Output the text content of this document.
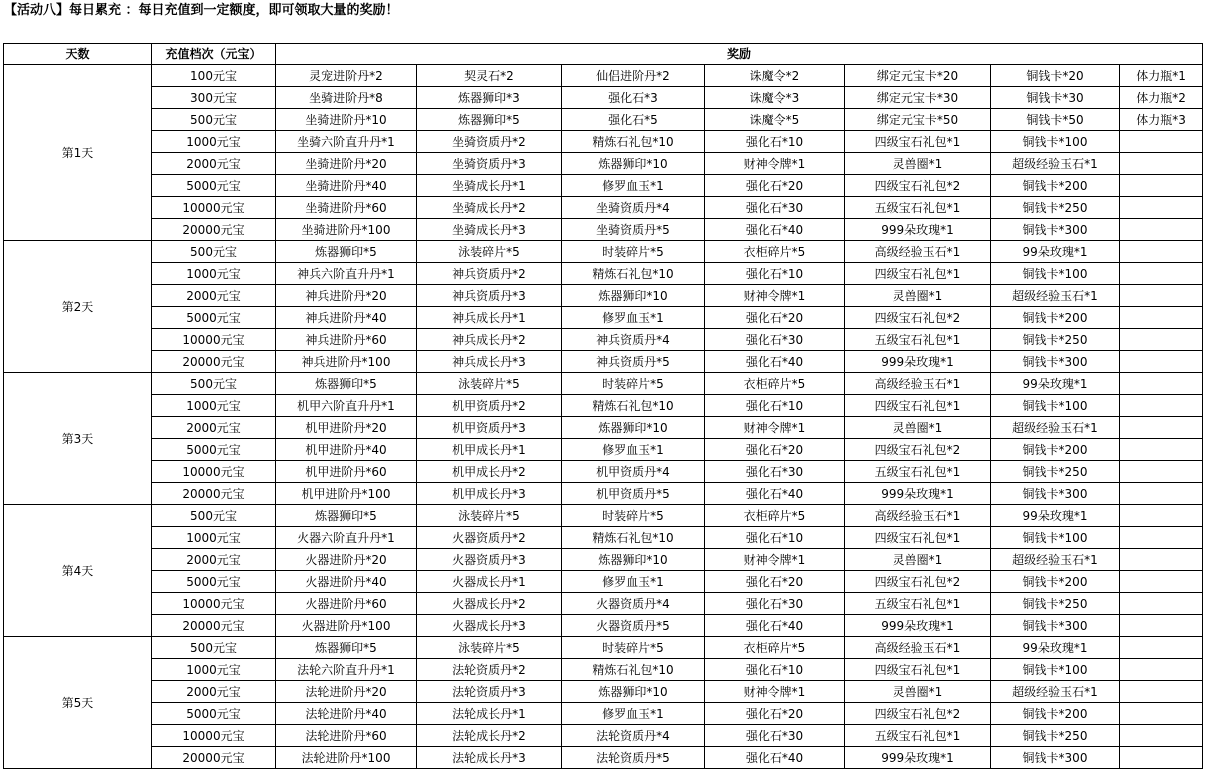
【活动八】每日累充 ：每日充值到一定额度，即可领取大量的奖励！
天数	充值档次（元宝）	奖励						
第1天	100元宝	灵宠进阶丹*2	契灵石*2	仙侣进阶丹*2	诛魔令*2	绑定元宝卡*20	铜钱卡*20	体力瓶*1
	300元宝	坐骑进阶丹*8	炼器狮印*3	强化石*3	诛魔令*3	绑定元宝卡*30	铜钱卡*30	体力瓶*2
	500元宝	坐骑进阶丹*10	炼器狮印*5	强化石*5	诛魔令*5	绑定元宝卡*50	铜钱卡*50	体力瓶*3
	1000元宝	坐骑六阶直升丹*1	坐骑资质丹*2	精炼石礼包*10	强化石*10	四级宝石礼包*1	铜钱卡*100	
	2000元宝	坐骑进阶丹*20	坐骑资质丹*3	炼器狮印*10	财神令牌*1	灵兽圈*1	超级经验玉石*1	
	5000元宝	坐骑进阶丹*40	坐骑成长丹*1	修罗血玉*1	强化石*20	四级宝石礼包*2	铜钱卡*200	
	10000元宝	坐骑进阶丹*60	坐骑成长丹*2	坐骑资质丹*4	强化石*30	五级宝石礼包*1	铜钱卡*250	
	20000元宝	坐骑进阶丹*100	坐骑成长丹*3	坐骑资质丹*5	强化石*40	999朵玫瑰*1	铜钱卡*300	
第2天	500元宝	炼器狮印*5	泳装碎片*5	时装碎片*5	衣柜碎片*5	高级经验玉石*1	99朵玫瑰*1	
	1000元宝	神兵六阶直升丹*1	神兵资质丹*2	精炼石礼包*10	强化石*10	四级宝石礼包*1	铜钱卡*100	
	2000元宝	神兵进阶丹*20	神兵资质丹*3	炼器狮印*10	财神令牌*1	灵兽圈*1	超级经验玉石*1	
	5000元宝	神兵进阶丹*40	神兵成长丹*1	修罗血玉*1	强化石*20	四级宝石礼包*2	铜钱卡*200	
	10000元宝	神兵进阶丹*60	神兵成长丹*2	神兵资质丹*4	强化石*30	五级宝石礼包*1	铜钱卡*250	
	20000元宝	神兵进阶丹*100	神兵成长丹*3	神兵资质丹*5	强化石*40	999朵玫瑰*1	铜钱卡*300	
第3天	500元宝	炼器狮印*5	泳装碎片*5	时装碎片*5	衣柜碎片*5	高级经验玉石*1	99朵玫瑰*1	
	1000元宝	机甲六阶直升丹*1	机甲资质丹*2	精炼石礼包*10	强化石*10	四级宝石礼包*1	铜钱卡*100	
	2000元宝	机甲进阶丹*20	机甲资质丹*3	炼器狮印*10	财神令牌*1	灵兽圈*1	超级经验玉石*1	
	5000元宝	机甲进阶丹*40	机甲成长丹*1	修罗血玉*1	强化石*20	四级宝石礼包*2	铜钱卡*200	
	10000元宝	机甲进阶丹*60	机甲成长丹*2	机甲资质丹*4	强化石*30	五级宝石礼包*1	铜钱卡*250	
	20000元宝	机甲进阶丹*100	机甲成长丹*3	机甲资质丹*5	强化石*40	999朵玫瑰*1	铜钱卡*300	
第4天	500元宝	炼器狮印*5	泳装碎片*5	时装碎片*5	衣柜碎片*5	高级经验玉石*1	99朵玫瑰*1	
	1000元宝	火器六阶直升丹*1	火器资质丹*2	精炼石礼包*10	强化石*10	四级宝石礼包*1	铜钱卡*100	
	2000元宝	火器进阶丹*20	火器资质丹*3	炼器狮印*10	财神令牌*1	灵兽圈*1	超级经验玉石*1	
	5000元宝	火器进阶丹*40	火器成长丹*1	修罗血玉*1	强化石*20	四级宝石礼包*2	铜钱卡*200	
	10000元宝	火器进阶丹*60	火器成长丹*2	火器资质丹*4	强化石*30	五级宝石礼包*1	铜钱卡*250	
	20000元宝	火器进阶丹*100	火器成长丹*3	火器资质丹*5	强化石*40	999朵玫瑰*1	铜钱卡*300	
第5天	500元宝	炼器狮印*5	泳装碎片*5	时装碎片*5	衣柜碎片*5	高级经验玉石*1	99朵玫瑰*1	
	1000元宝	法轮六阶直升丹*1	法轮资质丹*2	精炼石礼包*10	强化石*10	四级宝石礼包*1	铜钱卡*100	
	2000元宝	法轮进阶丹*20	法轮资质丹*3	炼器狮印*10	财神令牌*1	灵兽圈*1	超级经验玉石*1	
	5000元宝	法轮进阶丹*40	法轮成长丹*1	修罗血玉*1	强化石*20	四级宝石礼包*2	铜钱卡*200	
	10000元宝	法轮进阶丹*60	法轮成长丹*2	法轮资质丹*4	强化石*30	五级宝石礼包*1	铜钱卡*250	
	20000元宝	法轮进阶丹*100	法轮成长丹*3	法轮资质丹*5	强化石*40	999朵玫瑰*1	铜钱卡*300	
